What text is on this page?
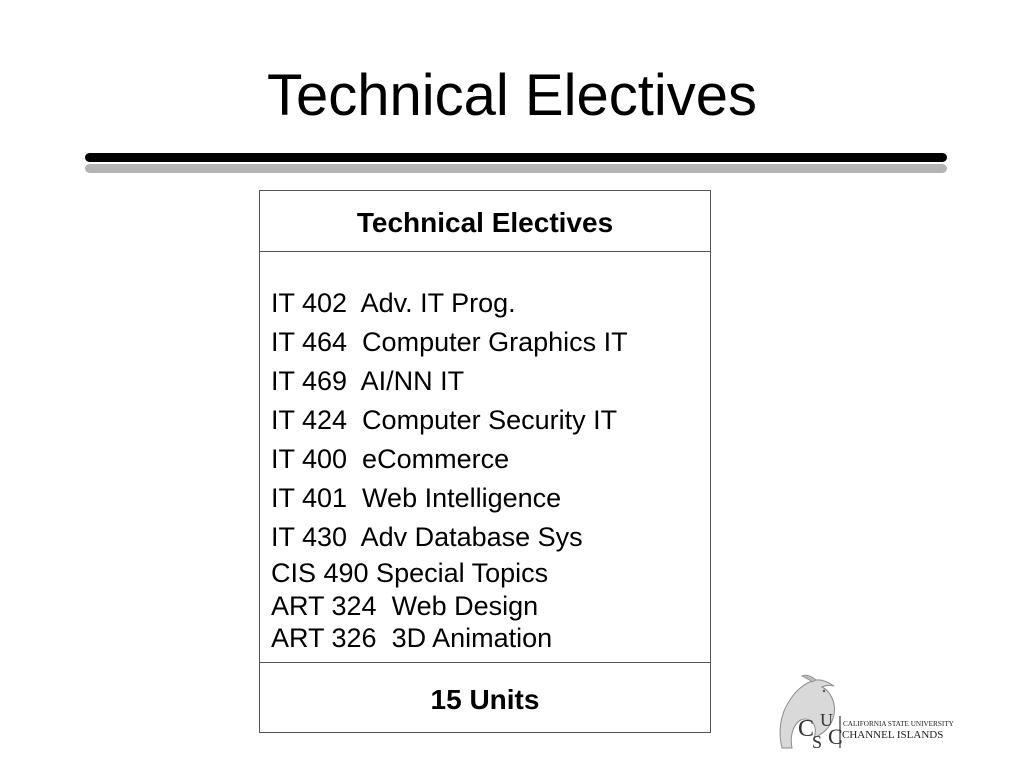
Technical Electives
Technical Electives
IT 402  Adv. IT Prog.
IT 464  Computer Graphics IT
IT 469  AI/NN IT
IT 424  Computer Security IT
IT 400  eCommerce
IT 401  Web Intelligence
IT 430  Adv Database Sys
CIS 490 Special Topics
ART 324  Web Design
ART 326  3D Animation
15 Units
C
S
U
C CALIFORNIA STATE UNIVERSITY
CHANNEL ISLANDS
